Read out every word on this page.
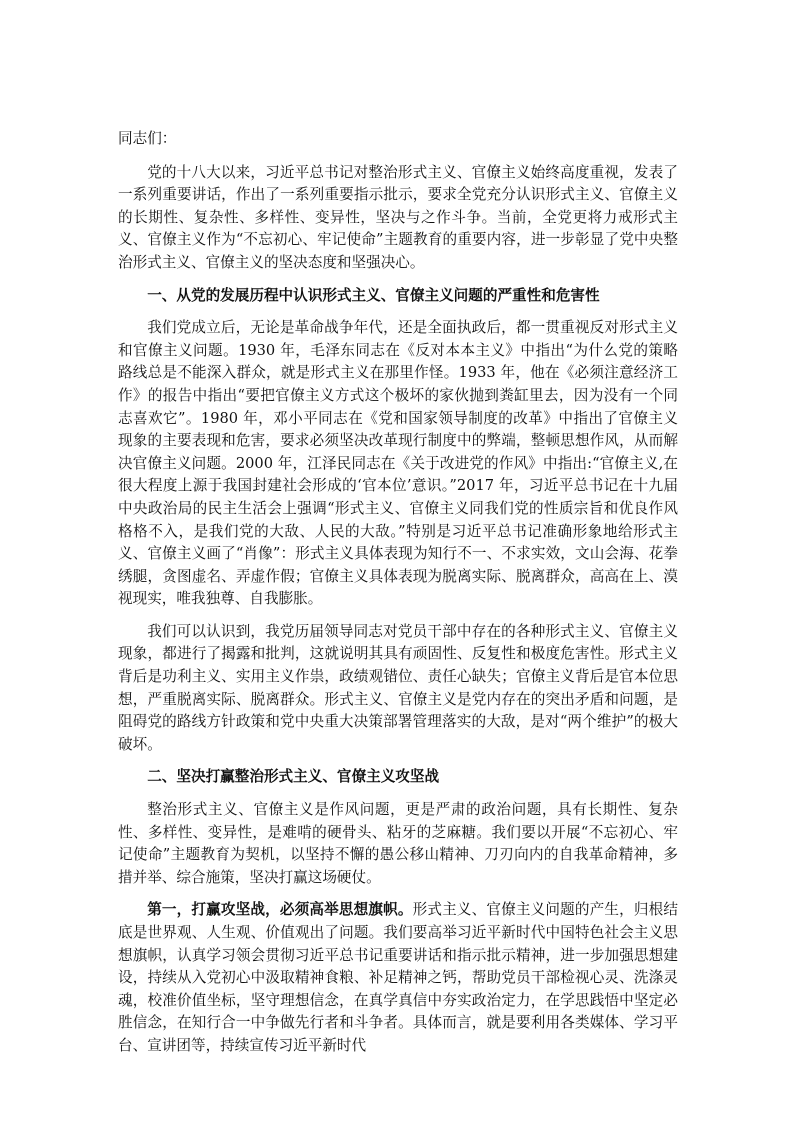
同志们：

党的十八大以来，习近平总书记对整治形式主义、官僚主义始终高度重视，发表了一系列重要讲话，作出了一系列重要指示批示，要求全党充分认识形式主义、官僚主义的长期性、复杂性、多样性、变异性，坚决与之作斗争。当前，全党更将力戒形式主义、官僚主义作为“不忘初心、牢记使命”主题教育的重要内容，进一步彰显了党中央整治形式主义、官僚主义的坚决态度和坚强决心。

一、从党的发展历程中认识形式主义、官僚主义问题的严重性和危害性

我们党成立后，无论是革命战争年代，还是全面执政后，都一贯重视反对形式主义和官僚主义问题。1930 年，毛泽东同志在《反对本本主义》中指出“为什么党的策略路线总是不能深入群众，就是形式主义在那里作怪。1933 年，他在《必须注意经济工作》的报告中指出“要把官僚主义方式这个极坏的家伙抛到粪缸里去，因为没有一个同志喜欢它”。1980 年，邓小平同志在《党和国家领导制度的改革》中指出了官僚主义现象的主要表现和危害，要求必须坚决改革现行制度中的弊端，整顿思想作风，从而解决官僚主义问题。2000 年，江泽民同志在《关于改进党的作风》中指出:“官僚主义,在很大程度上源于我国封建社会形成的‘官本位’意识。”2017 年，习近平总书记在十九届中央政治局的民主生活会上强调“形式主义、官僚主义同我们党的性质宗旨和优良作风格格不入，是我们党的大敌、人民的大敌。”特别是习近平总书记准确形象地给形式主义、官僚主义画了“肖像”：形式主义具体表现为知行不一、不求实效，文山会海、花拳绣腿，贪图虚名、弄虚作假；官僚主义具体表现为脱离实际、脱离群众，高高在上、漠视现实，唯我独尊、自我膨胀。

我们可以认识到，我党历届领导同志对党员干部中存在的各种形式主义、官僚主义现象，都进行了揭露和批判，这就说明其具有顽固性、反复性和极度危害性。形式主义背后是功利主义、实用主义作祟，政绩观错位、责任心缺失；官僚主义背后是官本位思想，严重脱离实际、脱离群众。形式主义、官僚主义是党内存在的突出矛盾和问题，是阻碍党的路线方针政策和党中央重大决策部署管理落实的大敌，是对“两个维护”的极大破坏。

二、坚决打赢整治形式主义、官僚主义攻坚战

整治形式主义、官僚主义是作风问题，更是严肃的政治问题，具有长期性、复杂性、多样性、变异性，是难啃的硬骨头、粘牙的芝麻糖。我们要以开展“不忘初心、牢记使命”主题教育为契机，以坚持不懈的愚公移山精神、刀刃向内的自我革命精神，多措并举、综合施策，坚决打赢这场硬仗。

第一，打赢攻坚战，必须高举思想旗帜。形式主义、官僚主义问题的产生，归根结底是世界观、人生观、价值观出了问题。我们要高举习近平新时代中国特色社会主义思想旗帜，认真学习领会贯彻习近平总书记重要讲话和指示批示精神，进一步加强思想建设，持续从入党初心中汲取精神食粮、补足精神之钙，帮助党员干部检视心灵、洗涤灵魂，校准价值坐标，坚守理想信念，在真学真信中夯实政治定力，在学思践悟中坚定必胜信念，在知行合一中争做先行者和斗争者。具体而言，就是要利用各类媒体、学习平台、宣讲团等，持续宣传习近平新时代
